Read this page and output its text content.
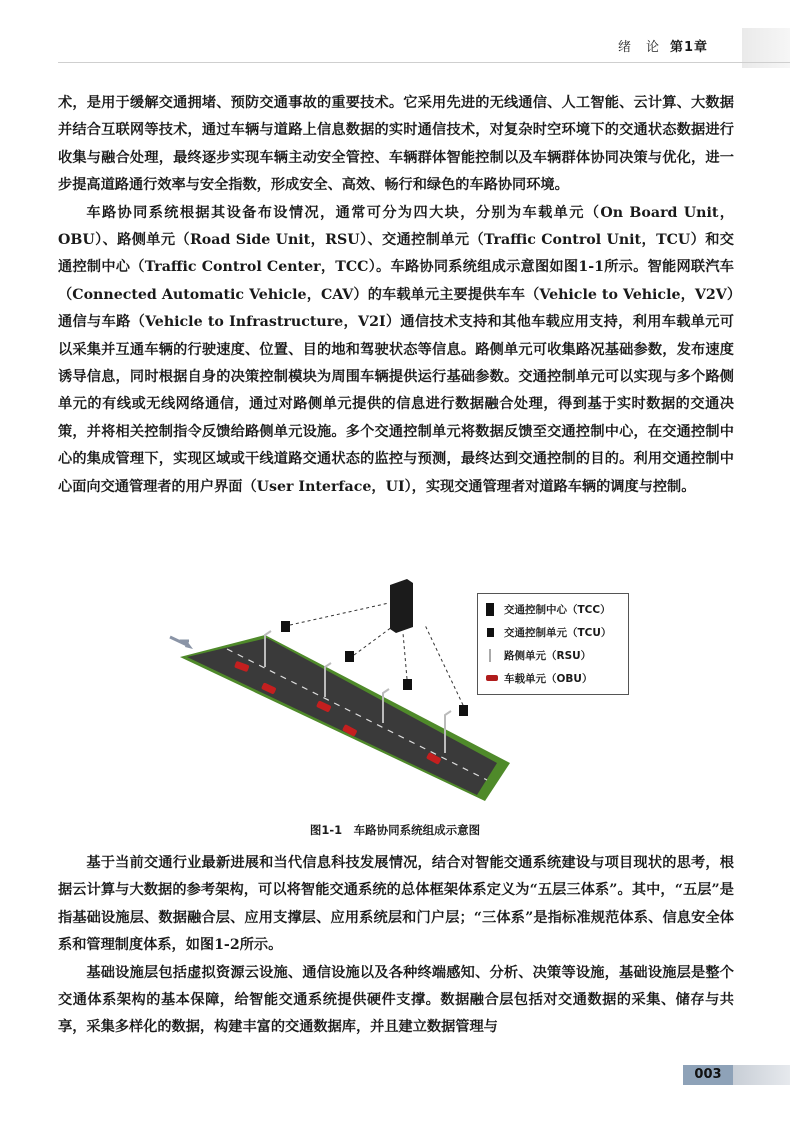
绪　论 第1章

术，是用于缓解交通拥堵、预防交通事故的重要技术。它采用先进的无线通信、人工智能、云计算、大数据并结合互联网等技术，通过车辆与道路上信息数据的实时通信技术，对复杂时空环境下的交通状态数据进行收集与融合处理，最终逐步实现车辆主动安全管控、车辆群体智能控制以及车辆群体协同决策与优化，进一步提高道路通行效率与安全指数，形成安全、高效、畅行和绿色的车路协同环境。

车路协同系统根据其设备布设情况，通常可分为四大块，分别为车载单元（On Board Unit，OBU）、路侧单元（Road Side Unit，RSU）、交通控制单元（Traffic Control Unit，TCU）和交通控制中心（Traffic Control Center，TCC）。车路协同系统组成示意图如图1-1所示。智能网联汽车（Connected Automatic Vehicle，CAV）的车载单元主要提供车车（Vehicle to Vehicle，V2V）通信与车路（Vehicle to Infrastructure，V2I）通信技术支持和其他车载应用支持，利用车载单元可以采集并互通车辆的行驶速度、位置、目的地和驾驶状态等信息。路侧单元可收集路况基础参数，发布速度诱导信息，同时根据自身的决策控制模块为周围车辆提供运行基础参数。交通控制单元可以实现与多个路侧单元的有线或无线网络通信，通过对路侧单元提供的信息进行数据融合处理，得到基于实时数据的交通决策，并将相关控制指令反馈给路侧单元设施。多个交通控制单元将数据反馈至交通控制中心，在交通控制中心的集成管理下，实现区域或干线道路交通状态的监控与预测，最终达到交通控制的目的。利用交通控制中心面向交通管理者的用户界面（User Interface，UI），实现交通管理者对道路车辆的调度与控制。

交通控制中心（TCC）
交通控制单元（TCU）
路侧单元（RSU）
车载单元（OBU）
图1-1　车路协同系统组成示意图

基于当前交通行业最新进展和当代信息科技发展情况，结合对智能交通系统建设与项目现状的思考，根据云计算与大数据的参考架构，可以将智能交通系统的总体框架体系定义为“五层三体系”。其中，“五层”是指基础设施层、数据融合层、应用支撑层、应用系统层和门户层；“三体系”是指标准规范体系、信息安全体系和管理制度体系，如图1-2所示。

基础设施层包括虚拟资源云设施、通信设施以及各种终端感知、分析、决策等设施，基础设施层是整个交通体系架构的基本保障，给智能交通系统提供硬件支撑。数据融合层包括对交通数据的采集、储存与共享，采集多样化的数据，构建丰富的交通数据库，并且建立数据管理与

003
